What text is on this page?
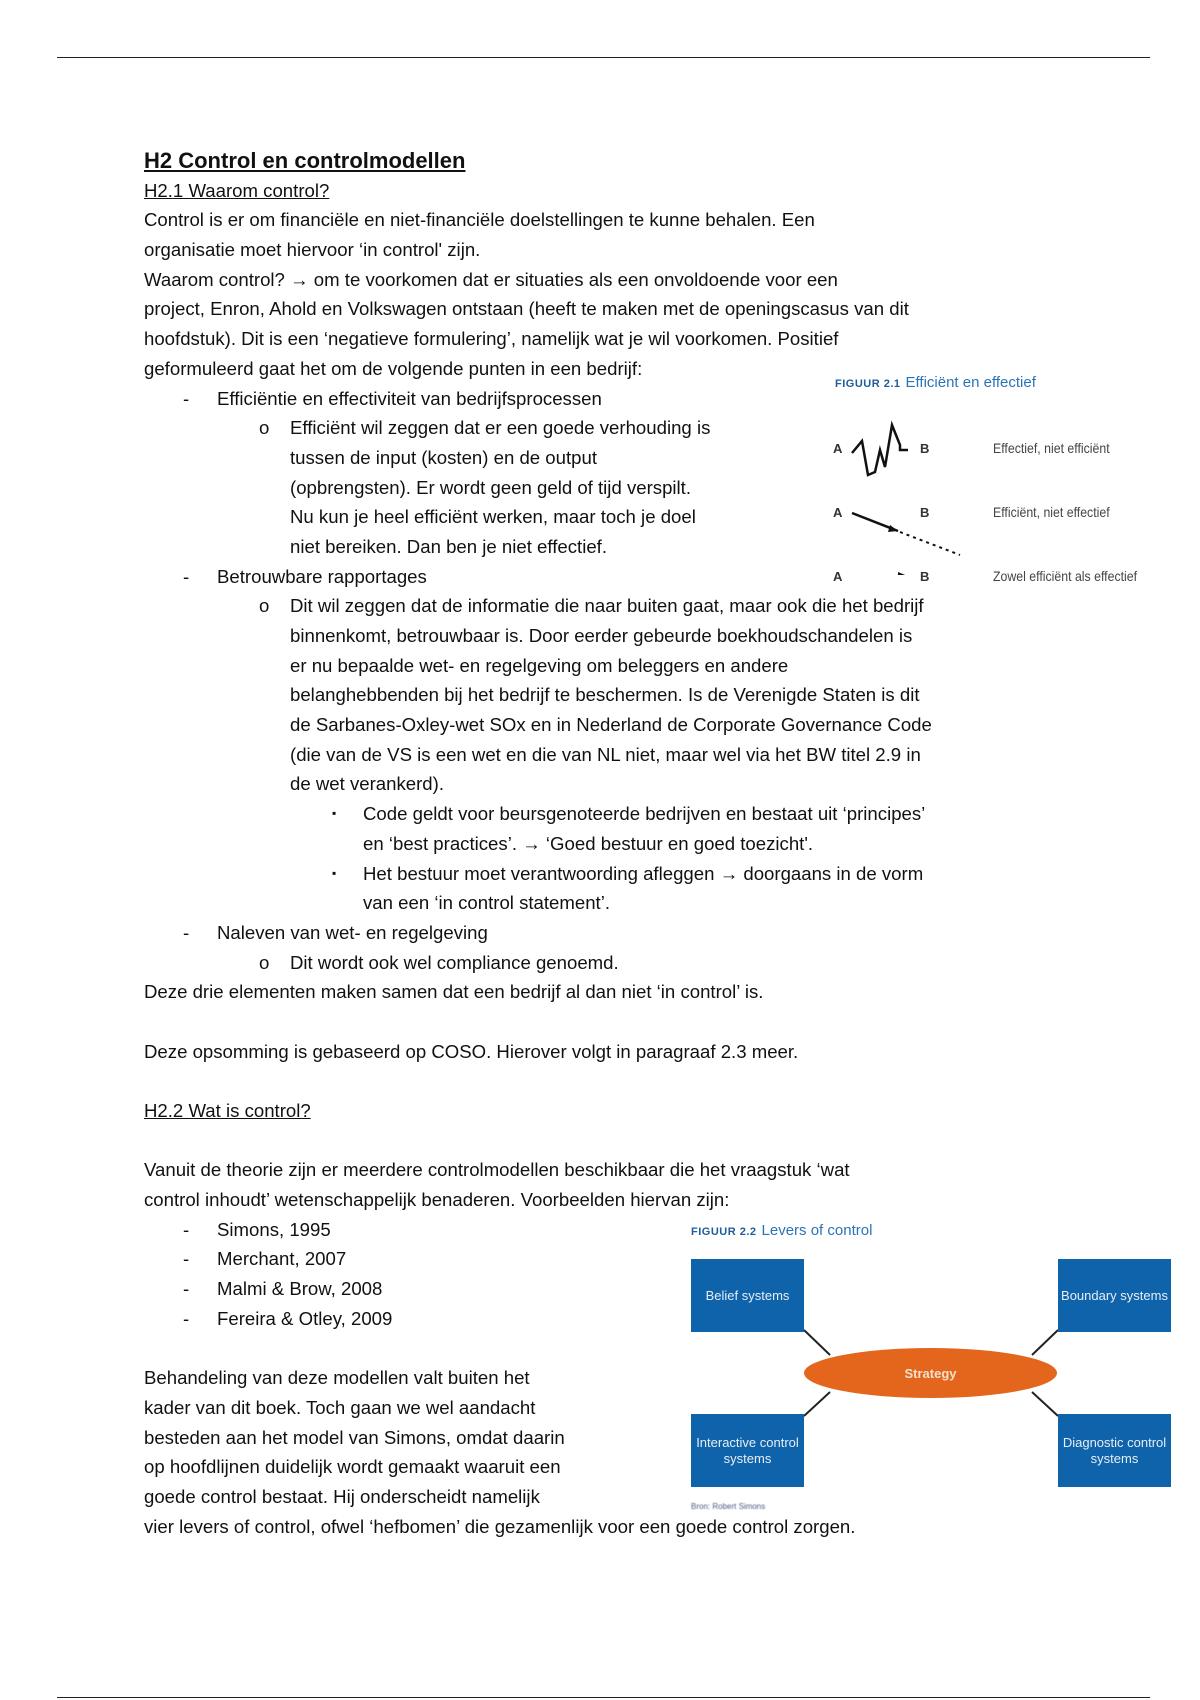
H2 Control en controlmodellen
H2.1 Waarom control?
Control is er om financiële en niet-financiële doelstellingen te kunne behalen. Een
organisatie moet hiervoor ‘in control' zijn.
Waarom control? → om te voorkomen dat er situaties als een onvoldoende voor een
project, Enron, Ahold en Volkswagen ontstaan (heeft te maken met de openingscasus van dit
hoofdstuk). Dit is een ‘negatieve formulering’, namelijk wat je wil voorkomen. Positief
geformuleerd gaat het om de volgende punten in een bedrijf:
- Efficiëntie en effectiviteit van bedrijfsprocessen
o Efficiënt wil zeggen dat er een goede verhouding is
tussen de input (kosten) en de output
(opbrengsten). Er wordt geen geld of tijd verspilt.
Nu kun je heel efficiënt werken, maar toch je doel
niet bereiken. Dan ben je niet effectief.
- Betrouwbare rapportages
o Dit wil zeggen dat de informatie die naar buiten gaat, maar ook die het bedrijf
binnenkomt, betrouwbaar is. Door eerder gebeurde boekhoudschandelen is
er nu bepaalde wet- en regelgeving om beleggers en andere
belanghebbenden bij het bedrijf te beschermen. Is de Verenigde Staten is dit
de Sarbanes-Oxley-wet SOx en in Nederland de Corporate Governance Code
(die van de VS is een wet en die van NL niet, maar wel via het BW titel 2.9 in
de wet verankerd).
▪ Code geldt voor beursgenoteerde bedrijven en bestaat uit ‘principes’
en ‘best practices’. → ‘Goed bestuur en goed toezicht'.
▪ Het bestuur moet verantwoording afleggen → doorgaans in de vorm
van een ‘in control statement’.
- Naleven van wet- en regelgeving
o Dit wordt ook wel compliance genoemd.
Deze drie elementen maken samen dat een bedrijf al dan niet ‘in control’ is.
Deze opsomming is gebaseerd op COSO. Hierover volgt in paragraaf 2.3 meer.
H2.2 Wat is control?
Vanuit de theorie zijn er meerdere controlmodellen beschikbaar die het vraagstuk ‘wat
control inhoudt’ wetenschappelijk benaderen. Voorbeelden hiervan zijn:
- Simons, 1995
- Merchant, 2007
- Malmi & Brow, 2008
- Fereira & Otley, 2009
Behandeling van deze modellen valt buiten het
kader van dit boek. Toch gaan we wel aandacht
besteden aan het model van Simons, omdat daarin
op hoofdlijnen duidelijk wordt gemaakt waaruit een
goede control bestaat. Hij onderscheidt namelijk
vier levers of control, ofwel ‘hefbomen’ die gezamenlijk voor een goede control zorgen.
FIGUUR 2.1 Efficiënt en effectief
A	B
A	B
A	B
Effectief, niet efficiënt
Efficiënt, niet effectief
Zowel efficiënt als effectief
FIGUUR 2.2 Levers of control
Belief systems	Boundary systems
Interactive control systems
Diagnostic control systems
Strategy
Bron: Robert Simons
